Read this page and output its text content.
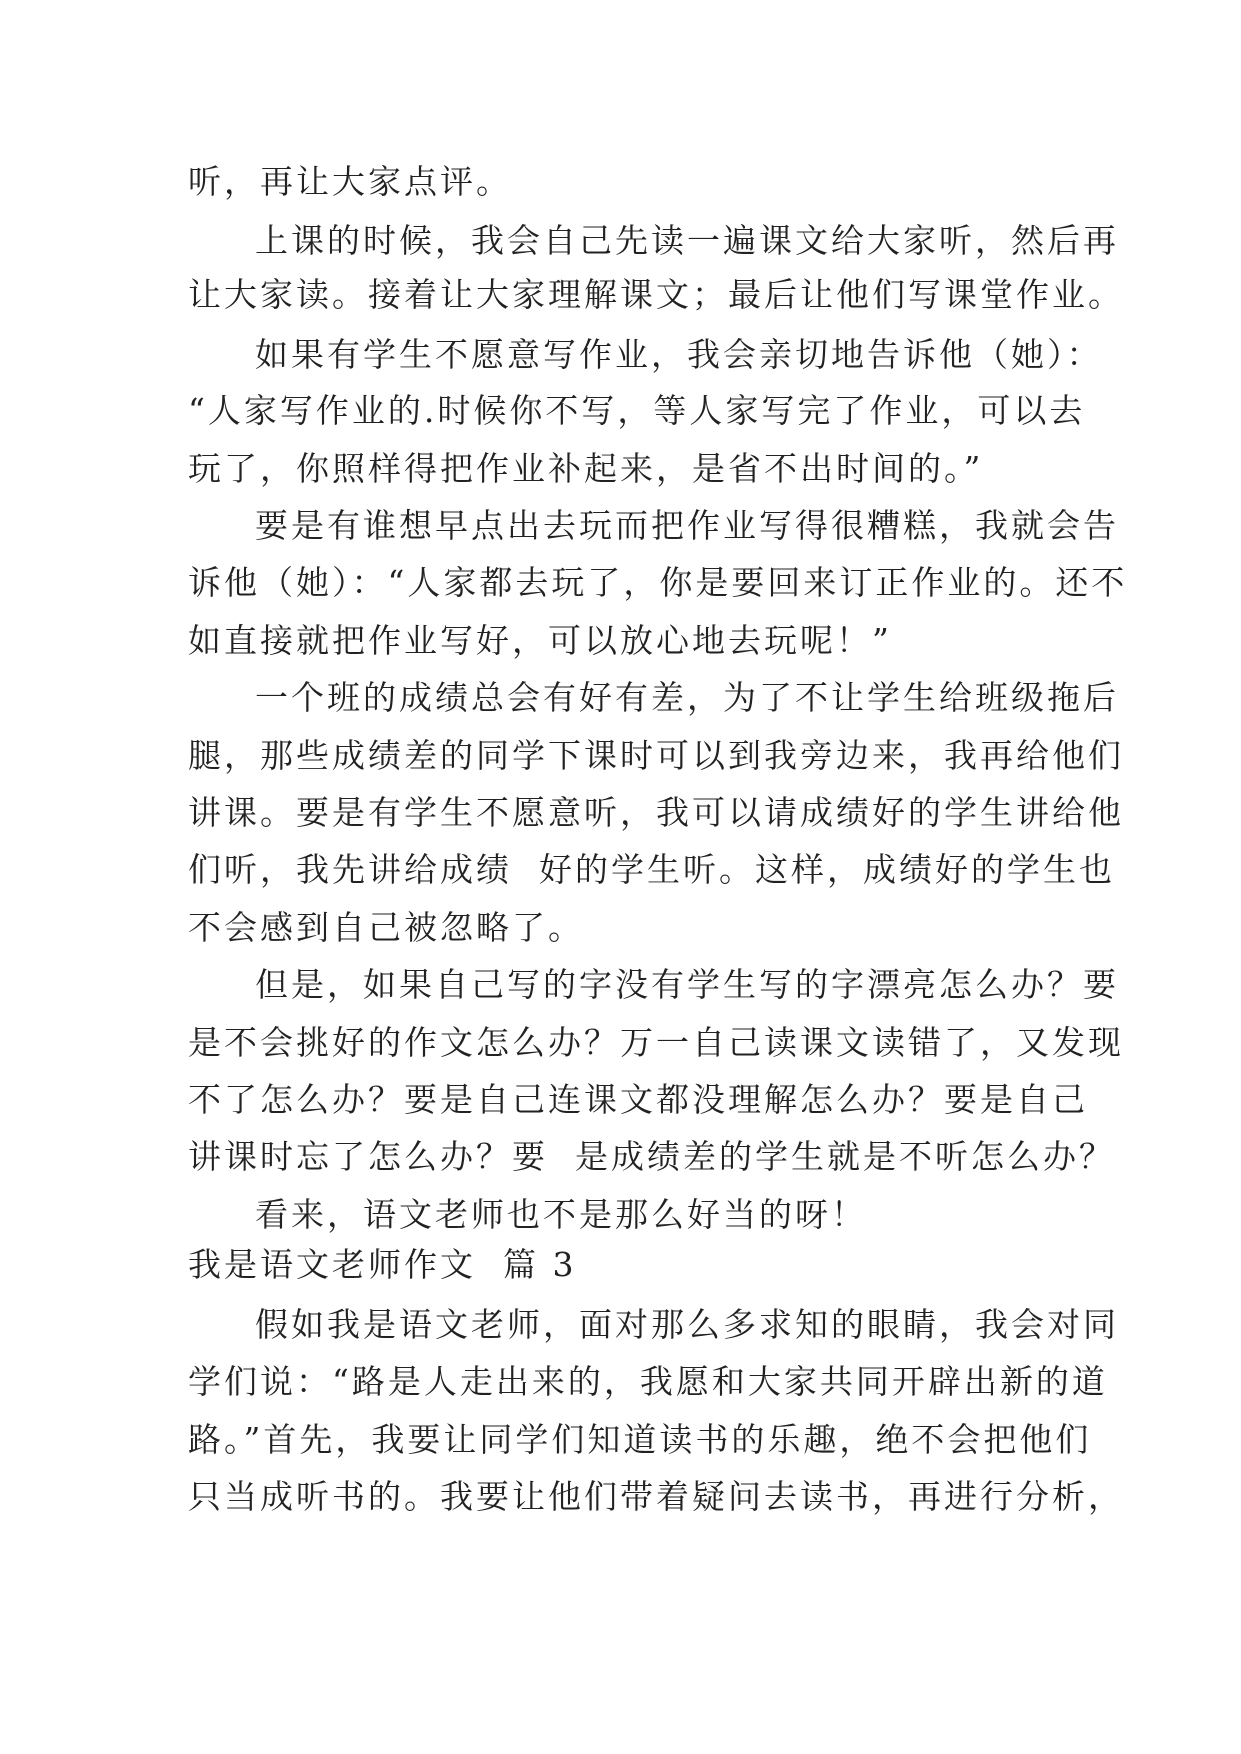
听，再让大家点评。
上课的时候，我会自己先读一遍课文给大家听，然后再
让大家读。接着让大家理解课文；最后让他们写课堂作业。
如果有学生不愿意写作业，我会亲切地告诉他（她）：
“人家写作业的.时候你不写，等人家写完了作业，可以去
玩了，你照样得把作业补起来，是省不出时间的。”
要是有谁想早点出去玩而把作业写得很糟糕，我就会告
诉他（她）：“人家都去玩了，你是要回来订正作业的。还不
如直接就把作业写好，可以放心地去玩呢！”
一个班的成绩总会有好有差，为了不让学生给班级拖后
腿，那些成绩差的同学下课时可以到我旁边来，我再给他们
讲课。要是有学生不愿意听，我可以请成绩好的学生讲给他
们听，我先讲给成绩  好的学生听。这样，成绩好的学生也
不会感到自己被忽略了。
但是，如果自己写的字没有学生写的字漂亮怎么办？要
是不会挑好的作文怎么办？万一自己读课文读错了，又发现
不了怎么办？要是自己连课文都没理解怎么办？要是自己
讲课时忘了怎么办？要  是成绩差的学生就是不听怎么办？
看来，语文老师也不是那么好当的呀！
我是语文老师作文  篇 3
假如我是语文老师，面对那么多求知的眼睛，我会对同
学们说：“路是人走出来的，我愿和大家共同开辟出新的道
路。”首先，我要让同学们知道读书的乐趣，绝不会把他们
只当成听书的。我要让他们带着疑问去读书，再进行分析，
